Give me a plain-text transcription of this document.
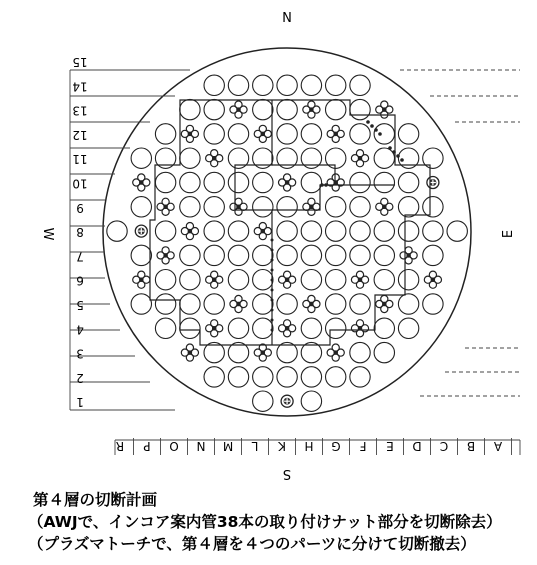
15
14
13
12
11
10
9
8
7
6
5
4
3
2
1
A
B
C
D
E
F
G
H
K
L
M
N
O
P
R
N
S
W	E
第４層の切断計画
（AWJで、インコア案内管38本の取り付けナット部分を切断除去）
（プラズマトーチで、第４層を４つのパーツに分けて切断撤去）
